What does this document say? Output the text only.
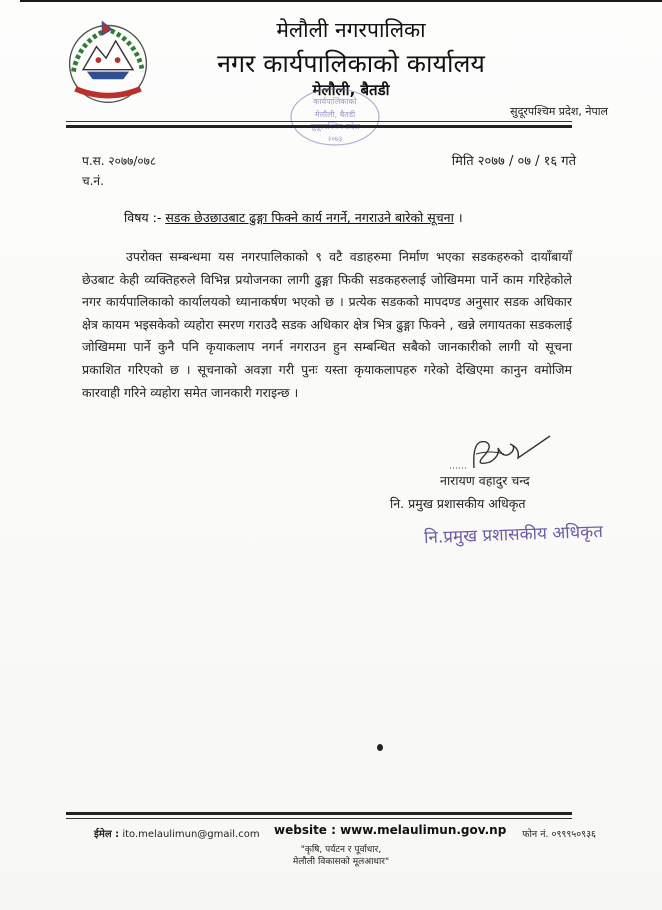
मेलौली नगरपालिका
नगर कार्यपालिकाको कार्यालय
मेलौली, बैतडी
सुदूरपश्चिम प्रदेश, नेपाल
कार्यपालिकाको
मेलौली, बैतडी
२०७३
प.स. २०७७/०७८
च.नं.
मिति २०७७ / ०७ / १६ गते
विषय :- सडक छेउछाउबाट ढुङ्गा फिक्ने कार्य नगर्ने, नगराउने बारेको सूचना ।
उपरोक्त सम्बन्धमा यस नगरपालिकाको ९ वटै वडाहरुमा निर्माण भएका सडकहरुको दायाँबायाँ छेउबाट केही व्यक्तिहरुले विभिन्न प्रयोजनका लागी ढुङ्गा फिकी सडकहरुलाई जोखिममा पार्ने काम गरिहेकोले नगर कार्यपालिकाको कार्यालयको ध्यानाकर्षण भएको छ । प्रत्येक सडकको मापदण्ड अनुसार सडक अधिकार क्षेत्र कायम भइसकेको व्यहोरा स्मरण गराउदै सडक अधिकार क्षेत्र भित्र ढुङ्गा फिक्ने , खन्ने लगायतका सडकलाई जोखिममा पार्ने कुनै पनि कृयाकलाप नगर्न नगराउन हुन सम्बन्धित सबैको जानकारीको लागी यो सूचना प्रकाशित गरिएको छ । सूचनाको अवज्ञा गरी पुनः यस्ता कृयाकलापहरु गरेको देखिएमा कानुन वमोजिम कारवाही गरिने व्यहोरा समेत जानकारी गराइन्छ ।
नारायण वहादुर चन्द
नि. प्रमुख प्रशासकीय अधिकृत
नि.प्रमुख प्रशासकीय अधिकृत
ईमेल : ito.melaulimun@gmail.com website : www.melaulimun.gov.np फोन नं. ०९९९५०९३६
"कृषि, पर्यटन र पूर्वाधार,
मेलौली विकासको मूलआधार"
